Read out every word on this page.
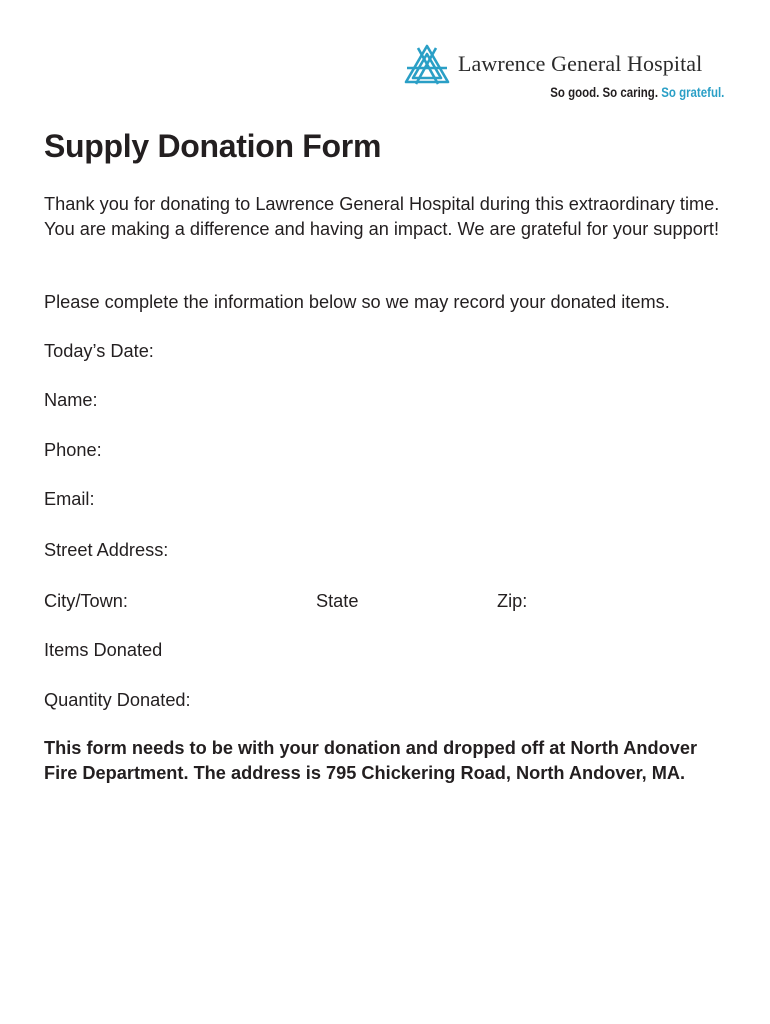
Lawrence General Hospital
So good. So caring. So grateful.
Supply Donation Form

Thank you for donating to Lawrence General Hospital during this extraordinary time. You are making a difference and having an impact. We are grateful for your support!

Please complete the information below so we may record your donated items.

Today’s Date:
Name:
Phone:
Email:
Street Address:
City/Town:	State	Zip:
Items Donated
Quantity Donated:

This form needs to be with your donation and dropped off at North Andover Fire Department. The address is 795 Chickering Road, North Andover, MA.
